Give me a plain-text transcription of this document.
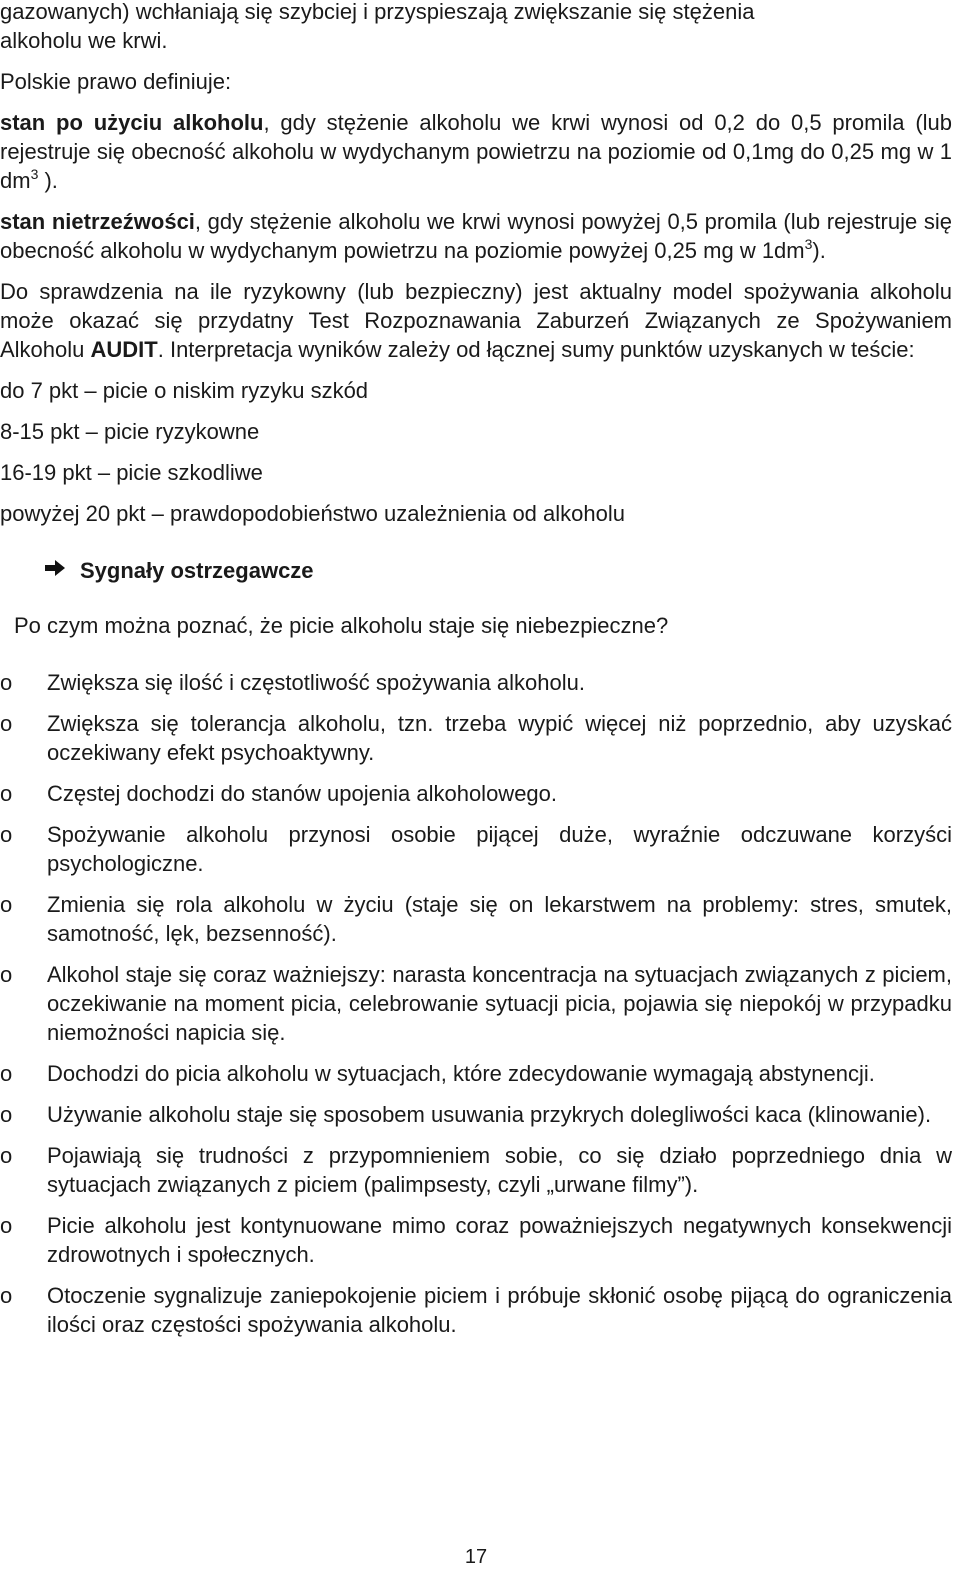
gazowanych) wchłaniają się szybciej i przyspieszają zwiększanie się stężenia
alkoholu we krwi.

Polskie prawo definiuje:

stan po użyciu alkoholu, gdy stężenie alkoholu we krwi wynosi od 0,2 do 0,5 promila (lub rejestruje się obecność alkoholu w wydychanym powietrzu na poziomie od 0,1mg do 0,25 mg w 1 $dm^3$ ).

stan nietrzeźwości, gdy stężenie alkoholu we krwi wynosi powyżej 0,5 promila (lub rejestruje się obecność alkoholu w wydychanym powietrzu na poziomie powyżej 0,25 mg w $1dm^3$).

Do sprawdzenia na ile ryzykowny (lub bezpieczny) jest aktualny model spożywania alkoholu może okazać się przydatny Test Rozpoznawania Zaburzeń Związanych ze Spożywaniem Alkoholu AUDIT. Interpretacja wyników zależy od łącznej sumy punktów uzyskanych w teście:

do 7 pkt – picie o niskim ryzyku szkód

8-15 pkt – picie ryzykowne

16-19 pkt – picie szkodliwe

powyżej 20 pkt – prawdopodobieństwo uzależnienia od alkoholu

Sygnały ostrzegawcze

Po czym można poznać, że picie alkoholu staje się niebezpieczne?

o	Zwiększa się ilość i częstotliwość spożywania alkoholu.
o	Zwiększa się tolerancja alkoholu, tzn. trzeba wypić więcej niż poprzednio, aby uzyskać oczekiwany efekt psychoaktywny.
o	Częstej dochodzi do stanów upojenia alkoholowego.
o	Spożywanie alkoholu przynosi osobie pijącej duże, wyraźnie odczuwane korzyści psychologiczne.
o	Zmienia się rola alkoholu w życiu (staje się on lekarstwem na problemy: stres, smutek, samotność, lęk, bezsenność).
o	Alkohol staje się coraz ważniejszy: narasta koncentracja na sytuacjach związanych z piciem, oczekiwanie na moment picia, celebrowanie sytuacji picia, pojawia się niepokój w przypadku niemożności napicia się.
o	Dochodzi do picia alkoholu w sytuacjach, które zdecydowanie wymagają abstynencji.
o	Używanie alkoholu staje się sposobem usuwania przykrych dolegliwości kaca (klinowanie).
o	Pojawiają się trudności z przypomnieniem sobie, co się działo poprzedniego dnia w sytuacjach związanych z piciem (palimpsesty, czyli „urwane filmy”).
o	Picie alkoholu jest kontynuowane mimo coraz poważniejszych negatywnych konsekwencji zdrowotnych i społecznych.
o	Otoczenie sygnalizuje zaniepokojenie piciem i próbuje skłonić osobę pijącą do ograniczenia ilości oraz częstości spożywania alkoholu.
17
